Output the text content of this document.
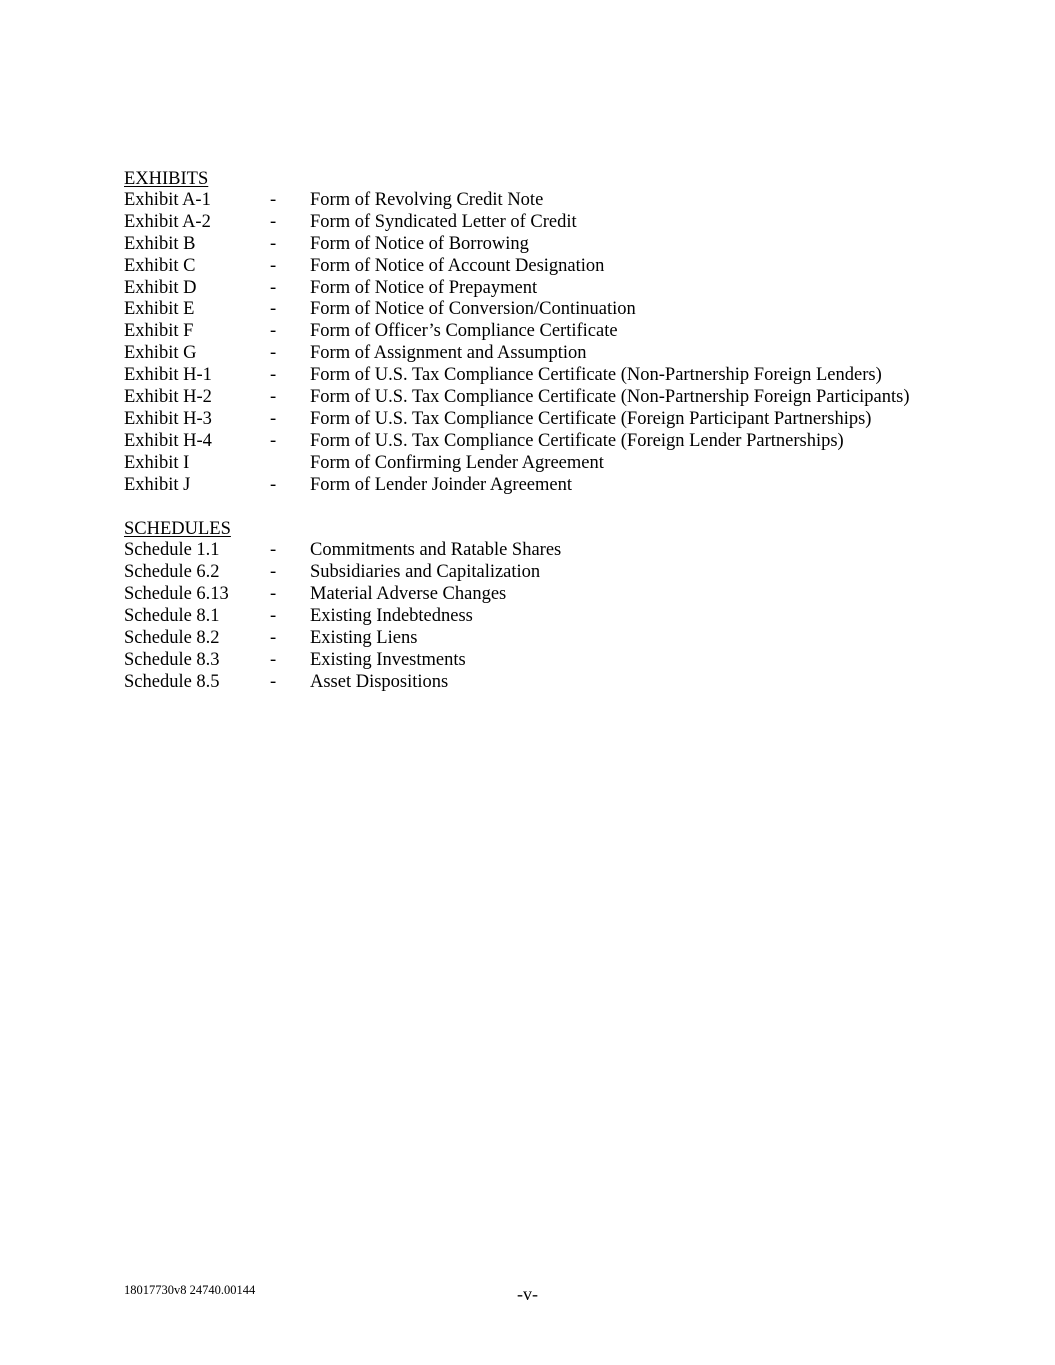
EXHIBITS
Exhibit A-1	-	Form of Revolving Credit Note
Exhibit A-2	-	Form of Syndicated Letter of Credit
Exhibit B	-	Form of Notice of Borrowing
Exhibit C	-	Form of Notice of Account Designation
Exhibit D	-	Form of Notice of Prepayment
Exhibit E	-	Form of Notice of Conversion/Continuation
Exhibit F	-	Form of Officer’s Compliance Certificate
Exhibit G	-	Form of Assignment and Assumption
Exhibit H-1	-	Form of U.S. Tax Compliance Certificate (Non-Partnership Foreign Lenders)
Exhibit H-2	-	Form of U.S. Tax Compliance Certificate (Non-Partnership Foreign Participants)
Exhibit H-3	-	Form of U.S. Tax Compliance Certificate (Foreign Participant Partnerships)
Exhibit H-4	-	Form of U.S. Tax Compliance Certificate (Foreign Lender Partnerships)
Exhibit I	Form of Confirming Lender Agreement
Exhibit J	-	Form of Lender Joinder Agreement
SCHEDULES
Schedule 1.1	-	Commitments and Ratable Shares
Schedule 6.2	-	Subsidiaries and Capitalization
Schedule 6.13	-	Material Adverse Changes
Schedule 8.1	-	Existing Indebtedness
Schedule 8.2	-	Existing Liens
Schedule 8.3	-	Existing Investments
Schedule 8.5	-	Asset Dispositions
18017730v8 24740.00144	-v-
